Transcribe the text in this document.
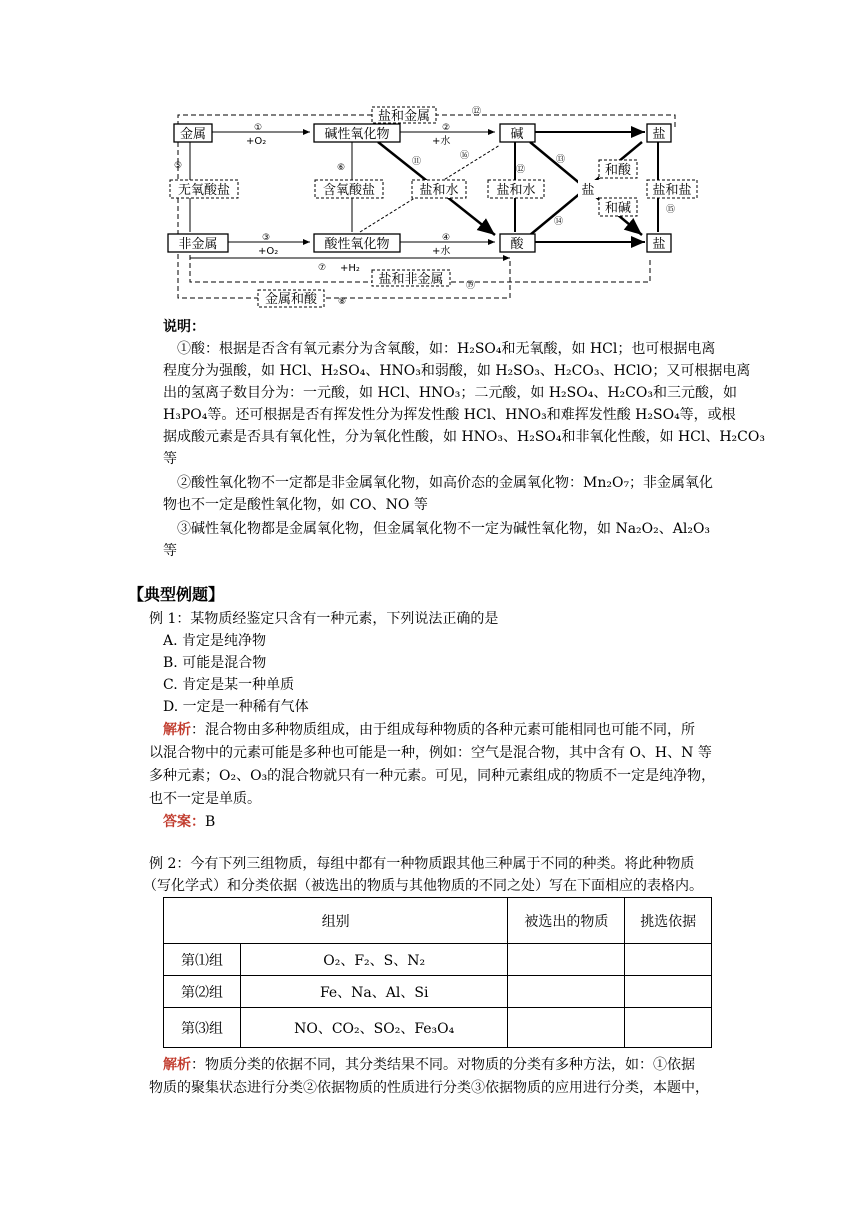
金属	碱性氧化物	碱	盐
非金属	酸性氧化物	酸	盐
盐和金属
无氧酸盐	含氧酸盐	盐和水	盐和水
和酸
和碱
盐	盐和盐
盐和非金属
金属和酸
+O₂	+水
+O₂	+水
+H₂
①	②
③	④
⑤	⑥
⑦
⑧
⑪
⑫
⑬
⑭
⑮
⑯
⑲
⑫
说明：
①酸：根据是否含有氧元素分为含氧酸，如：H₂SO₄和无氧酸，如 HCl；也可根据电离
程度分为强酸，如 HCl、H₂SO₄、HNO₃和弱酸，如 H₂SO₃、H₂CO₃、HClO；又可根据电离
出的氢离子数目分为：一元酸，如 HCl、HNO₃；二元酸，如 H₂SO₄、H₂CO₃和三元酸，如
H₃PO₄等。还可根据是否有挥发性分为挥发性酸 HCl、HNO₃和难挥发性酸 H₂SO₄等，或根
据成酸元素是否具有氧化性，分为氧化性酸，如 HNO₃、H₂SO₄和非氧化性酸，如 HCl、H₂CO₃
等
②酸性氧化物不一定都是非金属氧化物，如高价态的金属氧化物：Mn₂O₇；非金属氧化
物也不一定是酸性氧化物，如 CO、NO 等
③碱性氧化物都是金属氧化物，但金属氧化物不一定为碱性氧化物，如 Na₂O₂、Al₂O₃
等
【典型例题】
例 1：某物质经鉴定只含有一种元素，下列说法正确的是
A. 肯定是纯净物
B. 可能是混合物
C. 肯定是某一种单质
D. 一定是一种稀有气体
解析：混合物由多种物质组成，由于组成每种物质的各种元素可能相同也可能不同，所
以混合物中的元素可能是多种也可能是一种，例如：空气是混合物，其中含有 O、H、N 等
多种元素；O₂、O₃的混合物就只有一种元素。可见，同种元素组成的物质不一定是纯净物，
也不一定是单质。
答案：B
例 2：今有下列三组物质，每组中都有一种物质跟其他三种属于不同的种类。将此种物质
（写化学式）和分类依据（被选出的物质与其他物质的不同之处）写在下面相应的表格内。
组别		被选出的物质	挑选依据
第⑴组	O₂、F₂、S、N₂		
第⑵组	Fe、Na、Al、Si		
第⑶组	NO、CO₂、SO₂、Fe₃O₄		
解析：物质分类的依据不同，其分类结果不同。对物质的分类有多种方法，如：①依据
物质的聚集状态进行分类②依据物质的性质进行分类③依据物质的应用进行分类，本题中，
